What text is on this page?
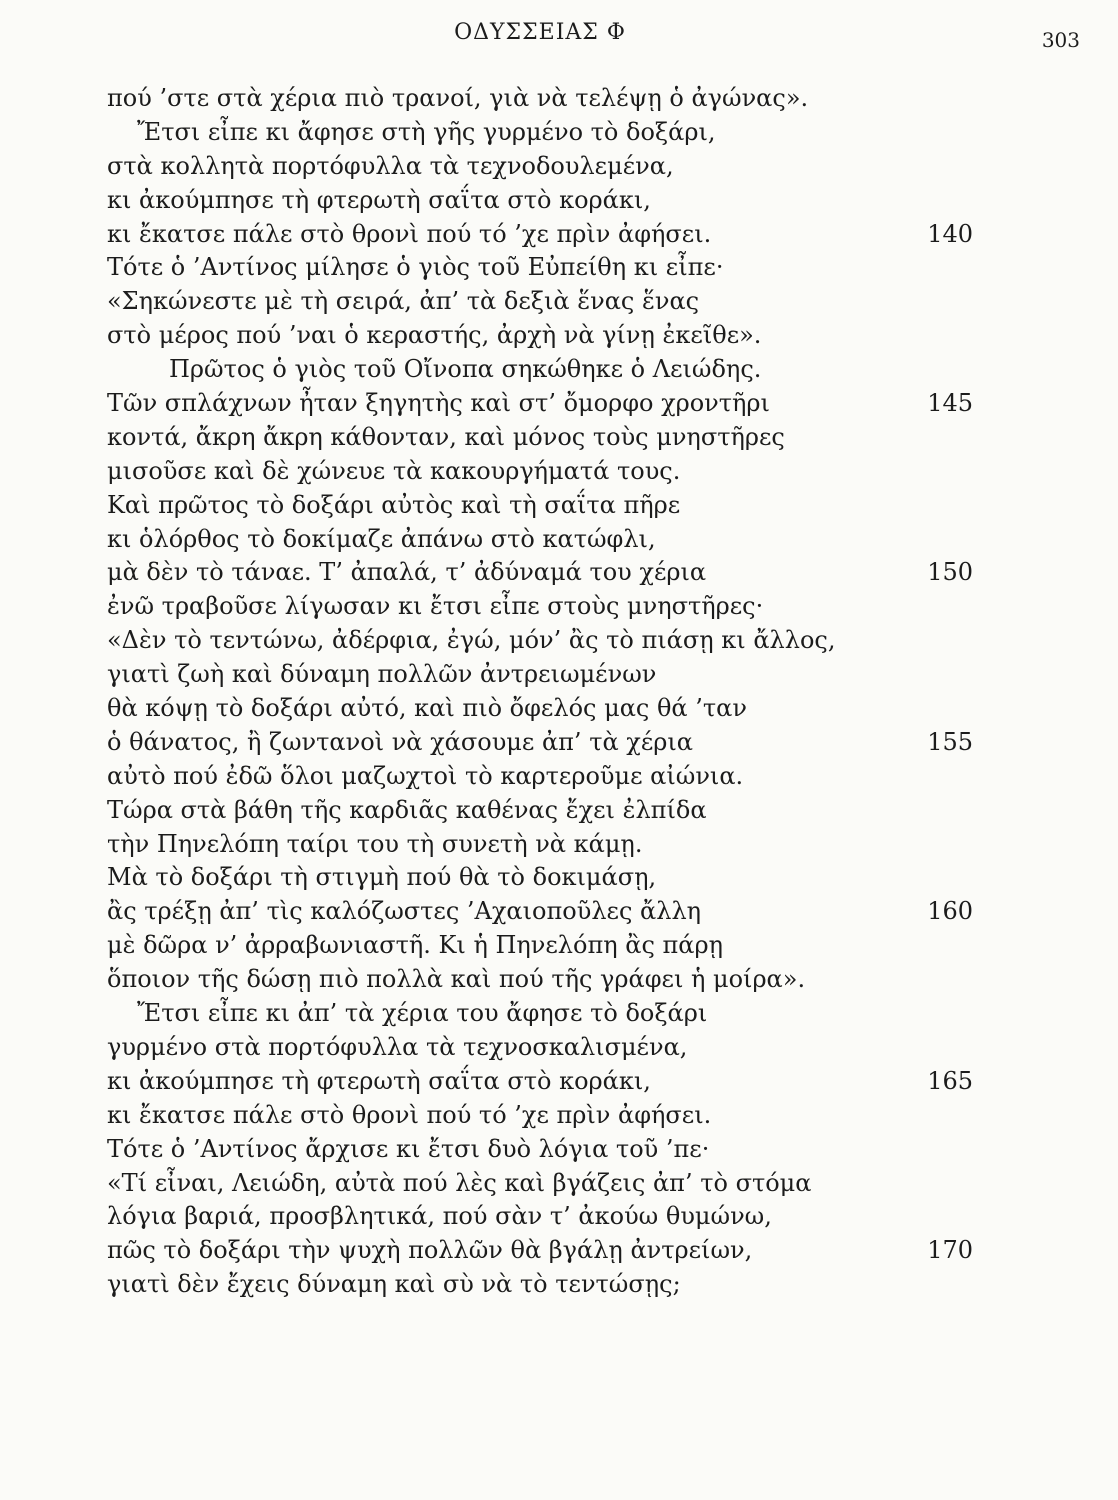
ΟΔΥΣΣΕΙΑΣ Φ	303
πού ’στε στὰ χέρια πιὸ τρανοί, γιὰ νὰ τελέψῃ ὁ ἀγώνας».
Ἔτσι εἶπε κι ἄφησε στὴ γῆς γυρμένο τὸ δοξάρι,
στὰ κολλητὰ πορτόφυλλα τὰ τεχνοδουλεμένα,
κι ἀκούμπησε τὴ φτερωτὴ σαΐτα στὸ κοράκι,
κι ἔκατσε πάλε στὸ θρονὶ πού τό ’χε πρὶν ἀφήσει.	140
Τότε ὁ ’Αντίνος μίλησε ὁ γιὸς τοῦ Εὐπείθη κι εἶπε·
«Σηκώνεστε μὲ τὴ σειρά, ἀπ’ τὰ δεξιὰ ἕνας ἕνας
στὸ μέρος πού ’ναι ὁ κεραστής, ἀρχὴ νὰ γίνῃ ἐκεῖθε».
Πρῶτος ὁ γιὸς τοῦ Οἴνοπα σηκώθηκε ὁ Λειώδης.
Τῶν σπλάχνων ἦταν ξηγητὴς καὶ στ’ ὄμορφο χροντῆρι	145
κοντά, ἄκρη ἄκρη κάθονταν, καὶ μόνος τοὺς μνηστῆρες
μισοῦσε καὶ δὲ χώνευε τὰ κακουργήματά τους.
Καὶ πρῶτος τὸ δοξάρι αὐτὸς καὶ τὴ σαΐτα πῆρε
κι ὁλόρθος τὸ δοκίμαζε ἀπάνω στὸ κατώφλι,
μὰ δὲν τὸ τάναε. Τ’ ἀπαλά, τ’ ἀδύναμά του χέρια	150
ἐνῶ τραβοῦσε λίγωσαν κι ἔτσι εἶπε στοὺς μνηστῆρες·
«Δὲν τὸ τεντώνω, ἀδέρφια, ἐγώ, μόν’ ἂς τὸ πιάσῃ κι ἄλλος,
γιατὶ ζωὴ καὶ δύναμη πολλῶν ἀντρειωμένων
θὰ κόψῃ τὸ δοξάρι αὐτό, καὶ πιὸ ὄφελός μας θά ’ταν
ὁ θάνατος, ἢ ζωντανοὶ νὰ χάσουμε ἀπ’ τὰ χέρια	155
αὐτὸ πού ἐδῶ ὅλοι μαζωχτοὶ τὸ καρτεροῦμε αἰώνια.
Τώρα στὰ βάθη τῆς καρδιᾶς καθένας ἔχει ἐλπίδα
τὴν Πηνελόπη ταίρι του τὴ συνετὴ νὰ κάμῃ.
Μὰ τὸ δοξάρι τὴ στιγμὴ πού θὰ τὸ δοκιμάσῃ,
ἂς τρέξῃ ἀπ’ τὶς καλόζωστες ’Αχαιοποῦλες ἄλλη	160
μὲ δῶρα ν’ ἀρραβωνιαστῆ. Κι ἡ Πηνελόπη ἂς πάρῃ
ὅποιον τῆς δώσῃ πιὸ πολλὰ καὶ πού τῆς γράφει ἡ μοίρα».
Ἔτσι εἶπε κι ἀπ’ τὰ χέρια του ἄφησε τὸ δοξάρι
γυρμένο στὰ πορτόφυλλα τὰ τεχνοσκαλισμένα,
κι ἀκούμπησε τὴ φτερωτὴ σαΐτα στὸ κοράκι,	165
κι ἔκατσε πάλε στὸ θρονὶ πού τό ’χε πρὶν ἀφήσει.
Τότε ὁ ’Αντίνος ἄρχισε κι ἔτσι δυὸ λόγια τοῦ ’πε·
«Τί εἶναι, Λειώδη, αὐτὰ πού λὲς καὶ βγάζεις ἀπ’ τὸ στόμα
λόγια βαριά, προσβλητικά, πού σὰν τ’ ἀκούω θυμώνω,
πῶς τὸ δοξάρι τὴν ψυχὴ πολλῶν θὰ βγάλῃ ἀντρείων,	170
γιατὶ δὲν ἔχεις δύναμη καὶ σὺ νὰ τὸ τεντώσῃς;
